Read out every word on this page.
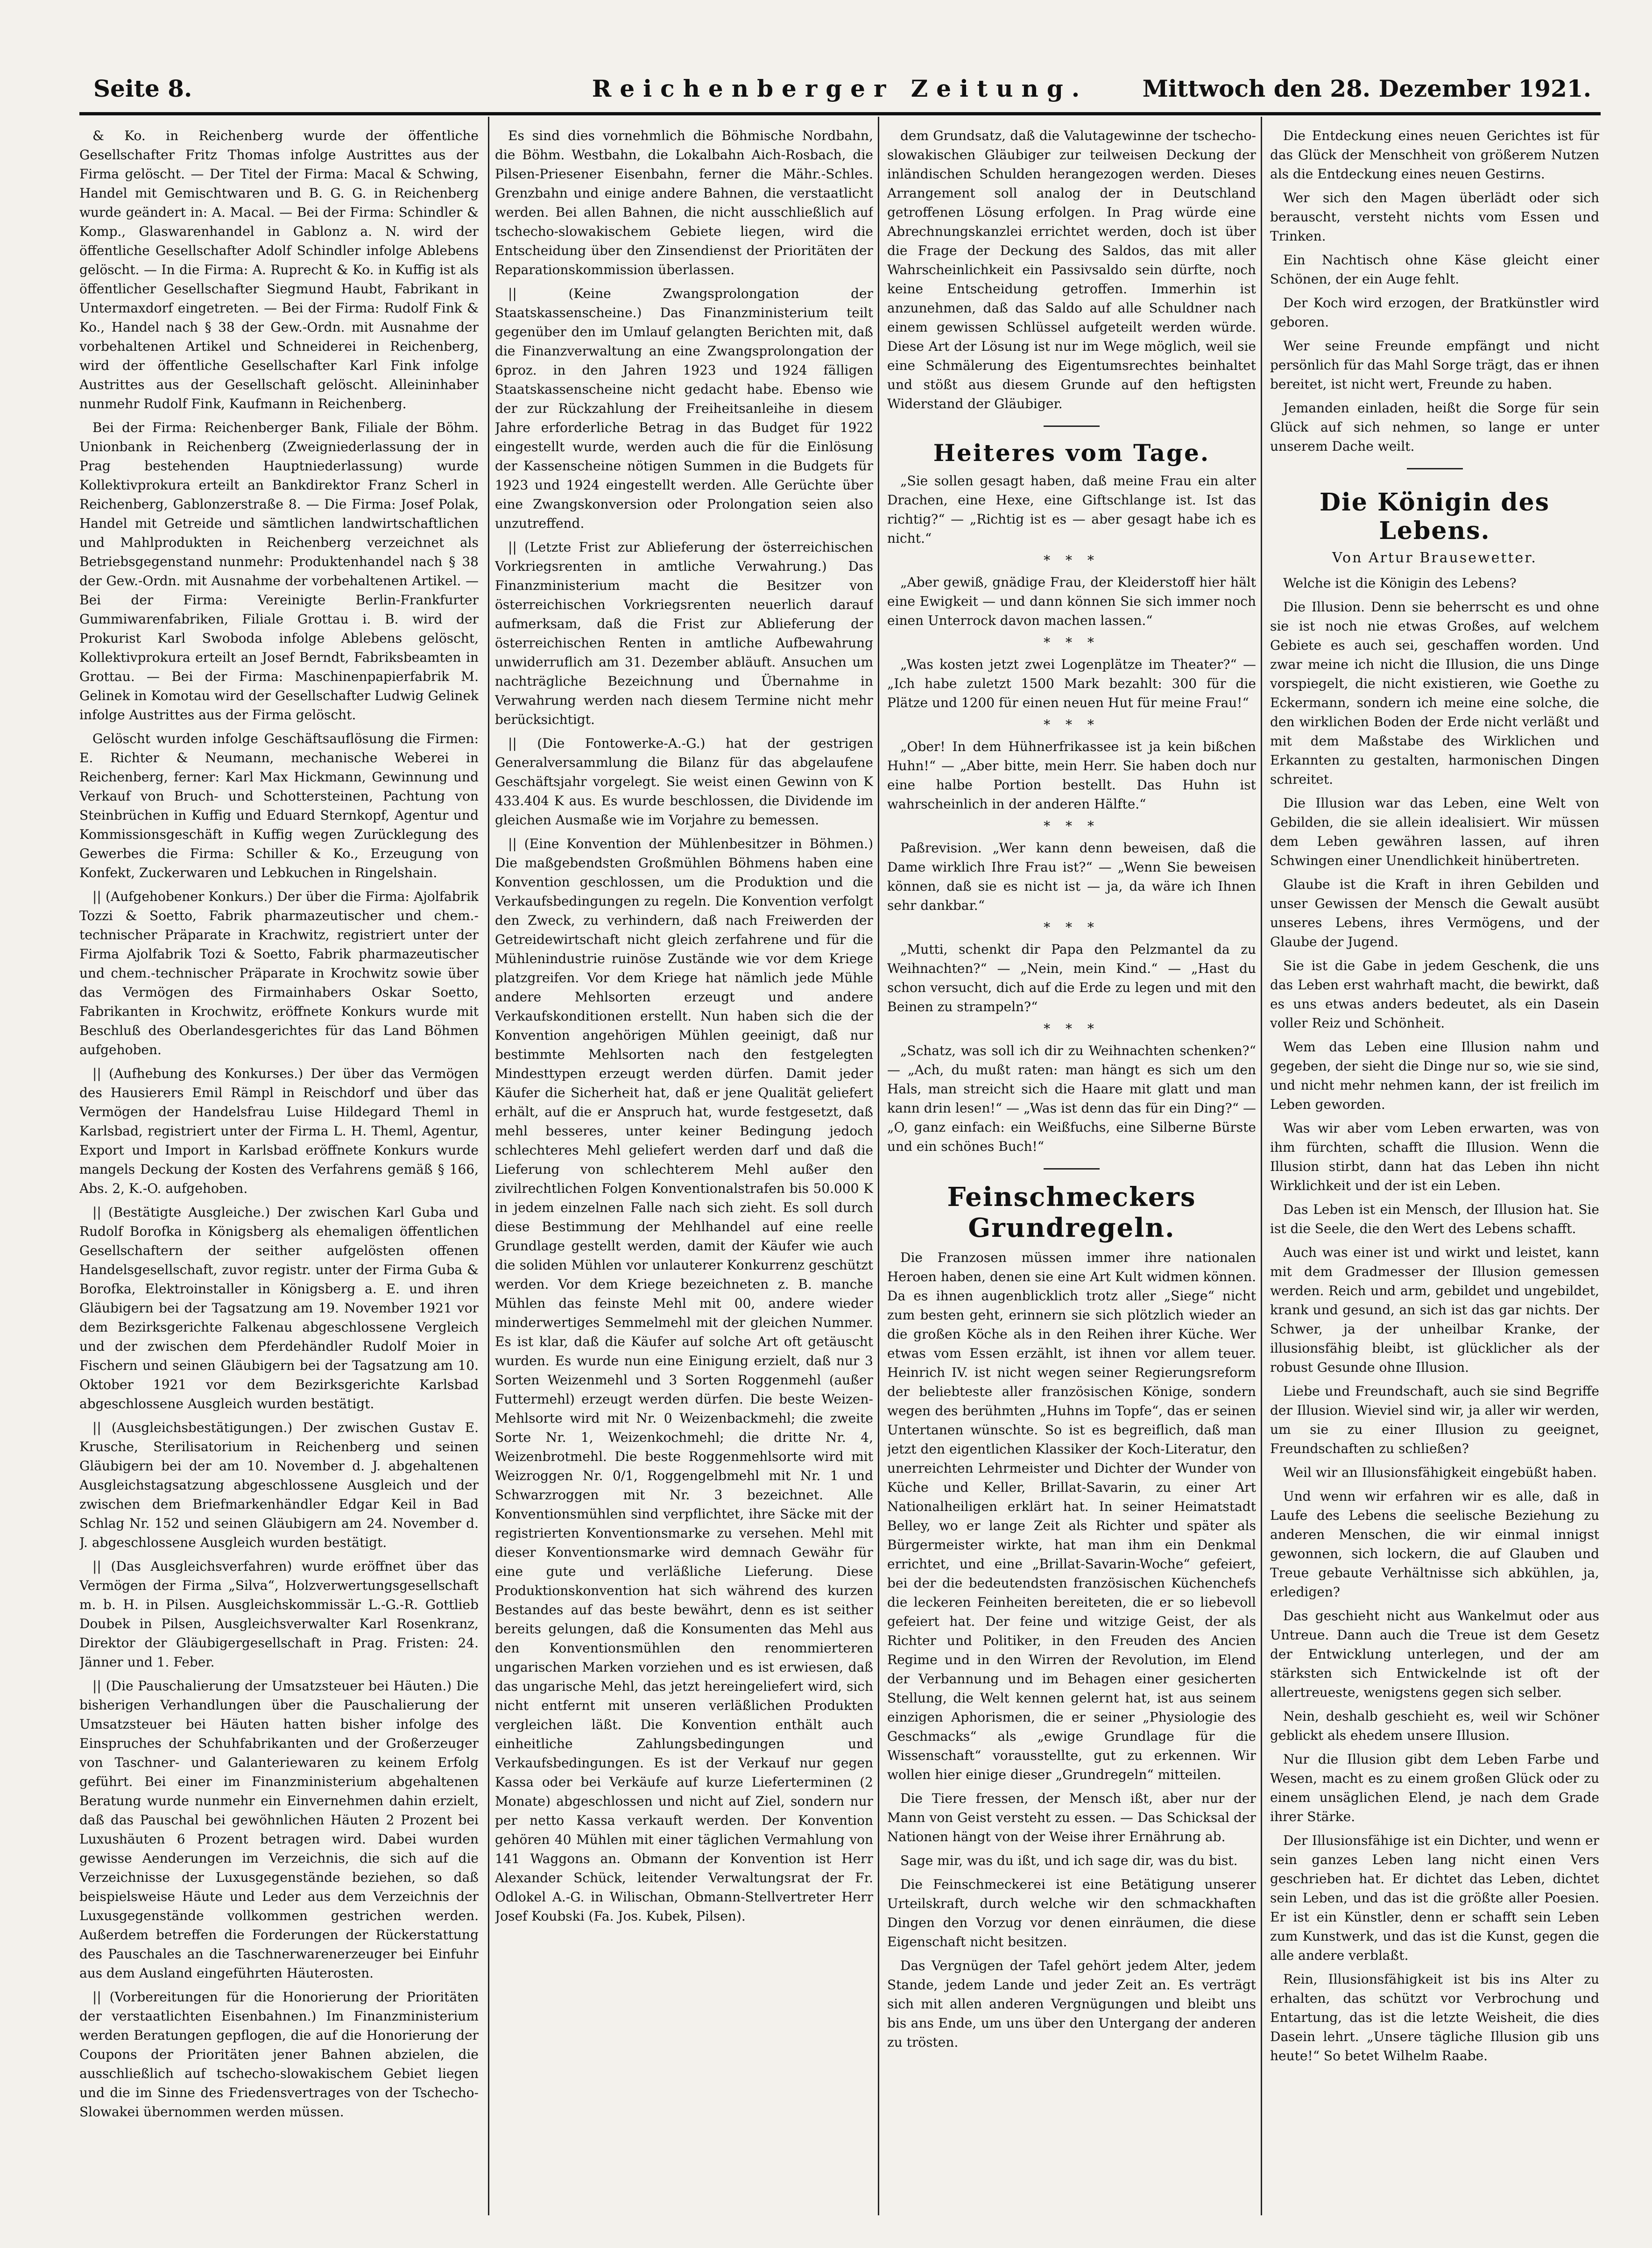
Seite 8.	Reichenberger Zeitung.	Mittwoch den 28. Dezember 1921.

& Ko. in Reichenberg wurde der öffentliche Gesellschafter Fritz Thomas infolge Austrittes aus der Firma gelöscht. — Der Titel der Firma: Macal & Schwing, Handel mit Gemischtwaren und B. G. G. in Reichenberg wurde geändert in: A. Macal. — Bei der Firma: Schindler & Komp., Glaswarenhandel in Gablonz a. N. wird der öffentliche Gesellschafter Adolf Schindler infolge Ablebens gelöscht. — In die Firma: A. Ruprecht & Ko. in Kuffig ist als öffentlicher Gesellschafter Siegmund Haubt, Fabrikant in Untermaxdorf eingetreten. — Bei der Firma: Rudolf Fink & Ko., Handel nach § 38 der Gew.-Ordn. mit Ausnahme der vorbehaltenen Artikel und Schneiderei in Reichenberg, wird der öffentliche Gesellschafter Karl Fink infolge Austrittes aus der Gesellschaft gelöscht. Alleininhaber nunmehr Rudolf Fink, Kaufmann in Reichenberg.

Bei der Firma: Reichenberger Bank, Filiale der Böhm. Unionbank in Reichenberg (Zweigniederlassung der in Prag bestehenden Hauptniederlassung) wurde Kollektivprokura erteilt an Bankdirektor Franz Scherl in Reichenberg, Gablonzerstraße 8. — Die Firma: Josef Polak, Handel mit Getreide und sämtlichen landwirtschaftlichen und Mahlprodukten in Reichenberg verzeichnet als Betriebsgegenstand nunmehr: Produktenhandel nach § 38 der Gew.-Ordn. mit Ausnahme der vorbehaltenen Artikel. — Bei der Firma: Vereinigte Berlin-Frankfurter Gummiwarenfabriken, Filiale Grottau i. B. wird der Prokurist Karl Swoboda infolge Ablebens gelöscht, Kollektivprokura erteilt an Josef Berndt, Fabriksbeamten in Grottau. — Bei der Firma: Maschinenpapierfabrik M. Gelinek in Komotau wird der Gesellschafter Ludwig Gelinek infolge Austrittes aus der Firma gelöscht.

Gelöscht wurden infolge Geschäftsauflösung die Firmen: E. Richter & Neumann, mechanische Weberei in Reichenberg, ferner: Karl Max Hickmann, Gewinnung und Verkauf von Bruch- und Schottersteinen, Pachtung von Steinbrüchen in Kuffig und Eduard Sternkopf, Agentur und Kommissionsgeschäft in Kuffig wegen Zurücklegung des Gewerbes die Firma: Schiller & Ko., Erzeugung von Konfekt, Zuckerwaren und Lebkuchen in Ringelshain.

|| (Aufgehobener Konkurs.) Der über die Firma: Ajolfabrik Tozzi & Soetto, Fabrik pharmazeutischer und chem.-technischer Präparate in Krachwitz, registriert unter der Firma Ajolfabrik Tozi & Soetto, Fabrik pharmazeutischer und chem.-technischer Präparate in Krochwitz sowie über das Vermögen des Firmainhabers Oskar Soetto, Fabrikanten in Krochwitz, eröffnete Konkurs wurde mit Beschluß des Oberlandesgerichtes für das Land Böhmen aufgehoben.

|| (Aufhebung des Konkurses.) Der über das Vermögen des Hausierers Emil Rämpl in Reischdorf und über das Vermögen der Handelsfrau Luise Hildegard Theml in Karlsbad, registriert unter der Firma L. H. Theml, Agentur, Export und Import in Karlsbad eröffnete Konkurs wurde mangels Deckung der Kosten des Verfahrens gemäß § 166, Abs. 2, K.-O. aufgehoben.

|| (Bestätigte Ausgleiche.) Der zwischen Karl Guba und Rudolf Borofka in Königsberg als ehemaligen öffentlichen Gesellschaftern der seither aufgelösten offenen Handelsgesellschaft, zuvor registr. unter der Firma Guba & Borofka, Elektroinstaller in Königsberg a. E. und ihren Gläubigern bei der Tagsatzung am 19. November 1921 vor dem Bezirksgerichte Falkenau abgeschlossene Vergleich und der zwischen dem Pferdehändler Rudolf Moier in Fischern und seinen Gläubigern bei der Tagsatzung am 10. Oktober 1921 vor dem Bezirksgerichte Karlsbad abgeschlossene Ausgleich wurden bestätigt.

|| (Ausgleichsbestätigungen.) Der zwischen Gustav E. Krusche, Sterilisatorium in Reichenberg und seinen Gläubigern bei der am 10. November d. J. abgehaltenen Ausgleichstagsatzung abgeschlossene Ausgleich und der zwischen dem Briefmarkenhändler Edgar Keil in Bad Schlag Nr. 152 und seinen Gläubigern am 24. November d. J. abgeschlossene Ausgleich wurden bestätigt.

|| (Das Ausgleichsverfahren) wurde eröffnet über das Vermögen der Firma „Silva“, Holzverwertungsgesellschaft m. b. H. in Pilsen. Ausgleichskommissär L.-G.-R. Gottlieb Doubek in Pilsen, Ausgleichsverwalter Karl Rosenkranz, Direktor der Gläubigergesellschaft in Prag. Fristen: 24. Jänner und 1. Feber.

|| (Die Pauschalierung der Umsatzsteuer bei Häuten.) Die bisherigen Verhandlungen über die Pauschalierung der Umsatzsteuer bei Häuten hatten bisher infolge des Einspruches der Schuhfabrikanten und der Großerzeuger von Taschner- und Galanteriewaren zu keinem Erfolg geführt. Bei einer im Finanzministerium abgehaltenen Beratung wurde nunmehr ein Einvernehmen dahin erzielt, daß das Pauschal bei gewöhnlichen Häuten 2 Prozent bei Luxushäuten 6 Prozent betragen wird. Dabei wurden gewisse Aenderungen im Verzeichnis, die sich auf die Verzeichnisse der Luxusgegenstände beziehen, so daß beispielsweise Häute und Leder aus dem Verzeichnis der Luxusgegenstände vollkommen gestrichen werden. Außerdem betreffen die Forderungen der Rückerstattung des Pauschales an die Taschnerwarenerzeuger bei Einfuhr aus dem Ausland eingeführten Häuterosten.

|| (Vorbereitungen für die Honorierung der Prioritäten der verstaatlichten Eisenbahnen.) Im Finanzministerium werden Beratungen gepflogen, die auf die Honorierung der Coupons der Prioritäten jener Bahnen abzielen, die ausschließlich auf tschecho-slowakischem Gebiet liegen und die im Sinne des Friedensvertrages von der Tschecho-Slowakei übernommen werden müssen.

Es sind dies vornehmlich die Böhmische Nordbahn, die Böhm. Westbahn, die Lokalbahn Aich-Rosbach, die Pilsen-Priesener Eisenbahn, ferner die Mähr.-Schles. Grenzbahn und einige andere Bahnen, die verstaatlicht werden. Bei allen Bahnen, die nicht ausschließlich auf tschecho-slowakischem Gebiete liegen, wird die Entscheidung über den Zinsendienst der Prioritäten der Reparationskommission überlassen.

|| (Keine Zwangsprolongation der Staatskassenscheine.) Das Finanzministerium teilt gegenüber den im Umlauf gelangten Berichten mit, daß die Finanzverwaltung an eine Zwangsprolongation der 6proz. in den Jahren 1923 und 1924 fälligen Staatskassenscheine nicht gedacht habe. Ebenso wie der zur Rückzahlung der Freiheitsanleihe in diesem Jahre erforderliche Betrag in das Budget für 1922 eingestellt wurde, werden auch die für die Einlösung der Kassenscheine nötigen Summen in die Budgets für 1923 und 1924 eingestellt werden. Alle Gerüchte über eine Zwangskonversion oder Prolongation seien also unzutreffend.

|| (Letzte Frist zur Ablieferung der österreichischen Vorkriegsrenten in amtliche Verwahrung.) Das Finanzministerium macht die Besitzer von österreichischen Vorkriegsrenten neuerlich darauf aufmerksam, daß die Frist zur Ablieferung der österreichischen Renten in amtliche Aufbewahrung unwiderruflich am 31. Dezember abläuft. Ansuchen um nachträgliche Bezeichnung und Übernahme in Verwahrung werden nach diesem Termine nicht mehr berücksichtigt.

|| (Die Fontowerke-A.-G.) hat der gestrigen Generalversammlung die Bilanz für das abgelaufene Geschäftsjahr vorgelegt. Sie weist einen Gewinn von K 433.404 K aus. Es wurde beschlossen, die Dividende im gleichen Ausmaße wie im Vorjahre zu bemessen.

|| (Eine Konvention der Mühlenbesitzer in Böhmen.) Die maßgebendsten Großmühlen Böhmens haben eine Konvention geschlossen, um die Produktion und die Verkaufsbedingungen zu regeln. Die Konvention verfolgt den Zweck, zu verhindern, daß nach Freiwerden der Getreidewirtschaft nicht gleich zerfahrene und für die Mühlenindustrie ruinöse Zustände wie vor dem Kriege platzgreifen. Vor dem Kriege hat nämlich jede Mühle andere Mehlsorten erzeugt und andere Verkaufskonditionen erstellt. Nun haben sich die der Konvention angehörigen Mühlen geeinigt, daß nur bestimmte Mehlsorten nach den festgelegten Mindesttypen erzeugt werden dürfen. Damit jeder Käufer die Sicherheit hat, daß er jene Qualität geliefert erhält, auf die er Anspruch hat, wurde festgesetzt, daß mehl besseres, unter keiner Bedingung jedoch schlechteres Mehl geliefert werden darf und daß die Lieferung von schlechterem Mehl außer den zivilrechtlichen Folgen Konventionalstrafen bis 50.000 K in jedem einzelnen Falle nach sich zieht. Es soll durch diese Bestimmung der Mehlhandel auf eine reelle Grundlage gestellt werden, damit der Käufer wie auch die soliden Mühlen vor unlauterer Konkurrenz geschützt werden. Vor dem Kriege bezeichneten z. B. manche Mühlen das feinste Mehl mit 00, andere wieder minderwertiges Semmelmehl mit der gleichen Nummer. Es ist klar, daß die Käufer auf solche Art oft getäuscht wurden. Es wurde nun eine Einigung erzielt, daß nur 3 Sorten Weizenmehl und 3 Sorten Roggenmehl (außer Futtermehl) erzeugt werden dürfen. Die beste Weizen-Mehlsorte wird mit Nr. 0 Weizenbackmehl; die zweite Sorte Nr. 1, Weizenkochmehl; die dritte Nr. 4, Weizenbrotmehl. Die beste Roggenmehlsorte wird mit Weizroggen Nr. 0/1, Roggengelbmehl mit Nr. 1 und Schwarzroggen mit Nr. 3 bezeichnet. Alle Konventionsmühlen sind verpflichtet, ihre Säcke mit der registrierten Konventionsmarke zu versehen. Mehl mit dieser Konventionsmarke wird demnach Gewähr für eine gute und verläßliche Lieferung. Diese Produktionskonvention hat sich während des kurzen Bestandes auf das beste bewährt, denn es ist seither bereits gelungen, daß die Konsumenten das Mehl aus den Konventionsmühlen den renommierteren ungarischen Marken vorziehen und es ist erwiesen, daß das ungarische Mehl, das jetzt hereingeliefert wird, sich nicht entfernt mit unseren verläßlichen Produkten vergleichen läßt. Die Konvention enthält auch einheitliche Zahlungsbedingungen und Verkaufsbedingungen. Es ist der Verkauf nur gegen Kassa oder bei Verkäufe auf kurze Lieferterminen (2 Monate) abgeschlossen und nicht auf Ziel, sondern nur per netto Kassa verkauft werden. Der Konvention gehören 40 Mühlen mit einer täglichen Vermahlung von 141 Waggons an. Obmann der Konvention ist Herr Alexander Schück, leitender Verwaltungsrat der Fr. Odlokel A.-G. in Wilischan, Obmann-Stellvertreter Herr Josef Koubski (Fa. Jos. Kubek, Pilsen).

dem Grundsatz, daß die Valutagewinne der tschecho-slowakischen Gläubiger zur teilweisen Deckung der inländischen Schulden herangezogen werden. Dieses Arrangement soll analog der in Deutschland getroffenen Lösung erfolgen. In Prag würde eine Abrechnungskanzlei errichtet werden, doch ist über die Frage der Deckung des Saldos, das mit aller Wahrscheinlichkeit ein Passivsaldo sein dürfte, noch keine Entscheidung getroffen. Immerhin ist anzunehmen, daß das Saldo auf alle Schuldner nach einem gewissen Schlüssel aufgeteilt werden würde. Diese Art der Lösung ist nur im Wege möglich, weil sie eine Schmälerung des Eigentumsrechtes beinhaltet und stößt aus diesem Grunde auf den heftigsten Widerstand der Gläubiger.

Heiteres vom Tage.

„Sie sollen gesagt haben, daß meine Frau ein alter Drachen, eine Hexe, eine Giftschlange ist. Ist das richtig?“ — „Richtig ist es — aber gesagt habe ich es nicht.“

* * *

„Aber gewiß, gnädige Frau, der Kleiderstoff hier hält eine Ewigkeit — und dann können Sie sich immer noch einen Unterrock davon machen lassen.“

* * *

„Was kosten jetzt zwei Logenplätze im Theater?“ — „Ich habe zuletzt 1500 Mark bezahlt: 300 für die Plätze und 1200 für einen neuen Hut für meine Frau!“

* * *

„Ober! In dem Hühnerfrikassee ist ja kein bißchen Huhn!“ — „Aber bitte, mein Herr. Sie haben doch nur eine halbe Portion bestellt. Das Huhn ist wahrscheinlich in der anderen Hälfte.“

* * *

Paßrevision. „Wer kann denn beweisen, daß die Dame wirklich Ihre Frau ist?“ — „Wenn Sie beweisen können, daß sie es nicht ist — ja, da wäre ich Ihnen sehr dankbar.“

* * *

„Mutti, schenkt dir Papa den Pelzmantel da zu Weihnachten?“ — „Nein, mein Kind.“ — „Hast du schon versucht, dich auf die Erde zu legen und mit den Beinen zu strampeln?“

* * *

„Schatz, was soll ich dir zu Weihnachten schenken?“ — „Ach, du mußt raten: man hängt es sich um den Hals, man streicht sich die Haare mit glatt und man kann drin lesen!“ — „Was ist denn das für ein Ding?“ — „O, ganz einfach: ein Weißfuchs, eine Silberne Bürste und ein schönes Buch!“

Feinschmeckers Grundregeln.

Die Franzosen müssen immer ihre nationalen Heroen haben, denen sie eine Art Kult widmen können. Da es ihnen augenblicklich trotz aller „Siege“ nicht zum besten geht, erinnern sie sich plötzlich wieder an die großen Köche als in den Reihen ihrer Küche. Wer etwas vom Essen erzählt, ist ihnen vor allem teuer. Heinrich IV. ist nicht wegen seiner Regierungsreform der beliebteste aller französischen Könige, sondern wegen des berühmten „Huhns im Topfe“, das er seinen Untertanen wünschte. So ist es begreiflich, daß man jetzt den eigentlichen Klassiker der Koch-Literatur, den unerreichten Lehrmeister und Dichter der Wunder von Küche und Keller, Brillat-Savarin, zu einer Art Nationalheiligen erklärt hat. In seiner Heimatstadt Belley, wo er lange Zeit als Richter und später als Bürgermeister wirkte, hat man ihm ein Denkmal errichtet, und eine „Brillat-Savarin-Woche“ gefeiert, bei der die bedeutendsten französischen Küchenchefs die leckeren Feinheiten bereiteten, die er so liebevoll gefeiert hat. Der feine und witzige Geist, der als Richter und Politiker, in den Freuden des Ancien Regime und in den Wirren der Revolution, im Elend der Verbannung und im Behagen einer gesicherten Stellung, die Welt kennen gelernt hat, ist aus seinem einzigen Aphorismen, die er seiner „Physiologie des Geschmacks“ als „ewige Grundlage für die Wissenschaft“ vorausstellte, gut zu erkennen. Wir wollen hier einige dieser „Grundregeln“ mitteilen.

Die Tiere fressen, der Mensch ißt, aber nur der Mann von Geist versteht zu essen. — Das Schicksal der Nationen hängt von der Weise ihrer Ernährung ab.

Sage mir, was du ißt, und ich sage dir, was du bist.

Die Feinschmeckerei ist eine Betätigung unserer Urteilskraft, durch welche wir den schmackhaften Dingen den Vorzug vor denen einräumen, die diese Eigenschaft nicht besitzen.

Das Vergnügen der Tafel gehört jedem Alter, jedem Stande, jedem Lande und jeder Zeit an. Es verträgt sich mit allen anderen Vergnügungen und bleibt uns bis ans Ende, um uns über den Untergang der anderen zu trösten.

Die Entdeckung eines neuen Gerichtes ist für das Glück der Menschheit von größerem Nutzen als die Entdeckung eines neuen Gestirns.

Wer sich den Magen überlädt oder sich berauscht, versteht nichts vom Essen und Trinken.

Ein Nachtisch ohne Käse gleicht einer Schönen, der ein Auge fehlt.

Der Koch wird erzogen, der Bratkünstler wird geboren.

Wer seine Freunde empfängt und nicht persönlich für das Mahl Sorge trägt, das er ihnen bereitet, ist nicht wert, Freunde zu haben.

Jemanden einladen, heißt die Sorge für sein Glück auf sich nehmen, so lange er unter unserem Dache weilt.

Die Königin des Lebens.
Von Artur Brausewetter.

Welche ist die Königin des Lebens?

Die Illusion. Denn sie beherrscht es und ohne sie ist noch nie etwas Großes, auf welchem Gebiete es auch sei, geschaffen worden. Und zwar meine ich nicht die Illusion, die uns Dinge vorspiegelt, die nicht existieren, wie Goethe zu Eckermann, sondern ich meine eine solche, die den wirklichen Boden der Erde nicht verläßt und mit dem Maßstabe des Wirklichen und Erkannten zu gestalten, harmonischen Dingen schreitet.

Die Illusion war das Leben, eine Welt von Gebilden, die sie allein idealisiert. Wir müssen dem Leben gewähren lassen, auf ihren Schwingen einer Unendlichkeit hinübertreten.

Glaube ist die Kraft in ihren Gebilden und unser Gewissen der Mensch die Gewalt ausübt unseres Lebens, ihres Vermögens, und der Glaube der Jugend.

Sie ist die Gabe in jedem Geschenk, die uns das Leben erst wahrhaft macht, die bewirkt, daß es uns etwas anders bedeutet, als ein Dasein voller Reiz und Schönheit.

Wem das Leben eine Illusion nahm und gegeben, der sieht die Dinge nur so, wie sie sind, und nicht mehr nehmen kann, der ist freilich im Leben geworden.

Was wir aber vom Leben erwarten, was von ihm fürchten, schafft die Illusion. Wenn die Illusion stirbt, dann hat das Leben ihn nicht Wirklichkeit und der ist ein Leben.

Das Leben ist ein Mensch, der Illusion hat. Sie ist die Seele, die den Wert des Lebens schafft.

Auch was einer ist und wirkt und leistet, kann mit dem Gradmesser der Illusion gemessen werden. Reich und arm, gebildet und ungebildet, krank und gesund, an sich ist das gar nichts. Der Schwer, ja der unheilbar Kranke, der illusionsfähig bleibt, ist glücklicher als der robust Gesunde ohne Illusion.

Liebe und Freundschaft, auch sie sind Begriffe der Illusion. Wieviel sind wir, ja aller wir werden, um sie zu einer Illusion zu geeignet, Freundschaften zu schließen?

Weil wir an Illusionsfähigkeit eingebüßt haben.

Und wenn wir erfahren wir es alle, daß in Laufe des Lebens die seelische Beziehung zu anderen Menschen, die wir einmal innigst gewonnen, sich lockern, die auf Glauben und Treue gebaute Verhältnisse sich abkühlen, ja, erledigen?

Das geschieht nicht aus Wankelmut oder aus Untreue. Dann auch die Treue ist dem Gesetz der Entwicklung unterlegen, und der am stärksten sich Entwickelnde ist oft der allertreueste, wenigstens gegen sich selber.

Nein, deshalb geschieht es, weil wir Schöner geblickt als ehedem unsere Illusion.

Nur die Illusion gibt dem Leben Farbe und Wesen, macht es zu einem großen Glück oder zu einem unsäglichen Elend, je nach dem Grade ihrer Stärke.

Der Illusionsfähige ist ein Dichter, und wenn er sein ganzes Leben lang nicht einen Vers geschrieben hat. Er dichtet das Leben, dichtet sein Leben, und das ist die größte aller Poesien. Er ist ein Künstler, denn er schafft sein Leben zum Kunstwerk, und das ist die Kunst, gegen die alle andere verblaßt.

Rein, Illusionsfähigkeit ist bis ins Alter zu erhalten, das schützt vor Verbrochung und Entartung, das ist die letzte Weisheit, die dies Dasein lehrt. „Unsere tägliche Illusion gib uns heute!“ So betet Wilhelm Raabe.
